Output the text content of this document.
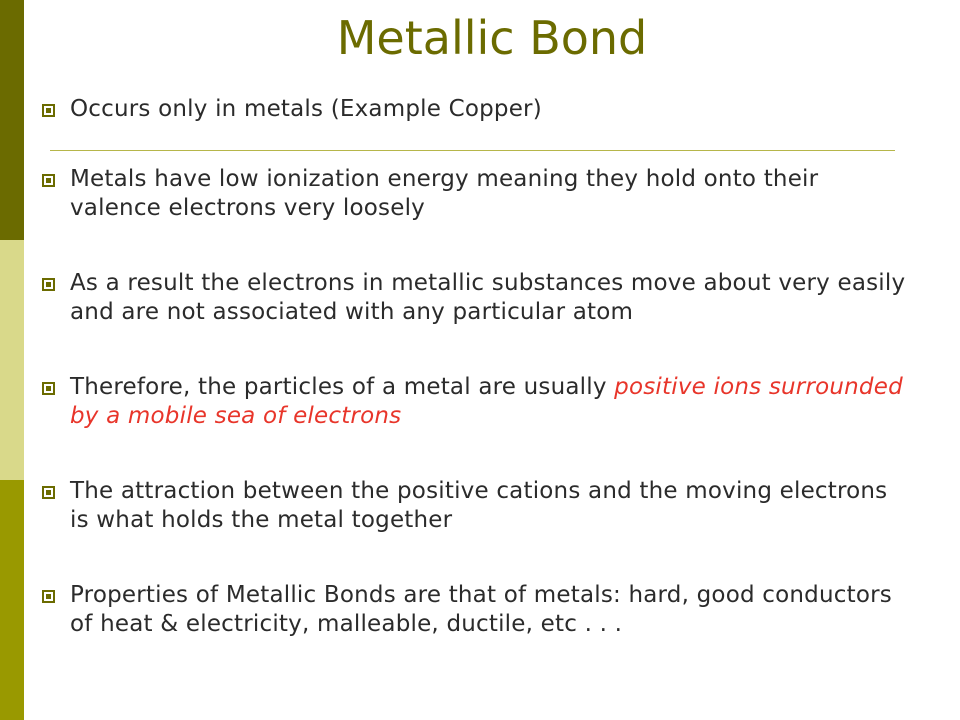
Metallic Bond
Occurs only in metals (Example Copper)
Metals have low ionization energy meaning they hold onto their valence electrons very loosely
As a result the electrons in metallic substances move about very easily and are not associated with any particular atom
Therefore, the particles of a metal are usually positive ions surrounded by a mobile sea of electrons
The attraction between the positive cations and the moving electrons is what holds the metal together
Properties of Metallic Bonds are that of metals: hard, good conductors of heat & electricity, malleable, ductile, etc . . .
